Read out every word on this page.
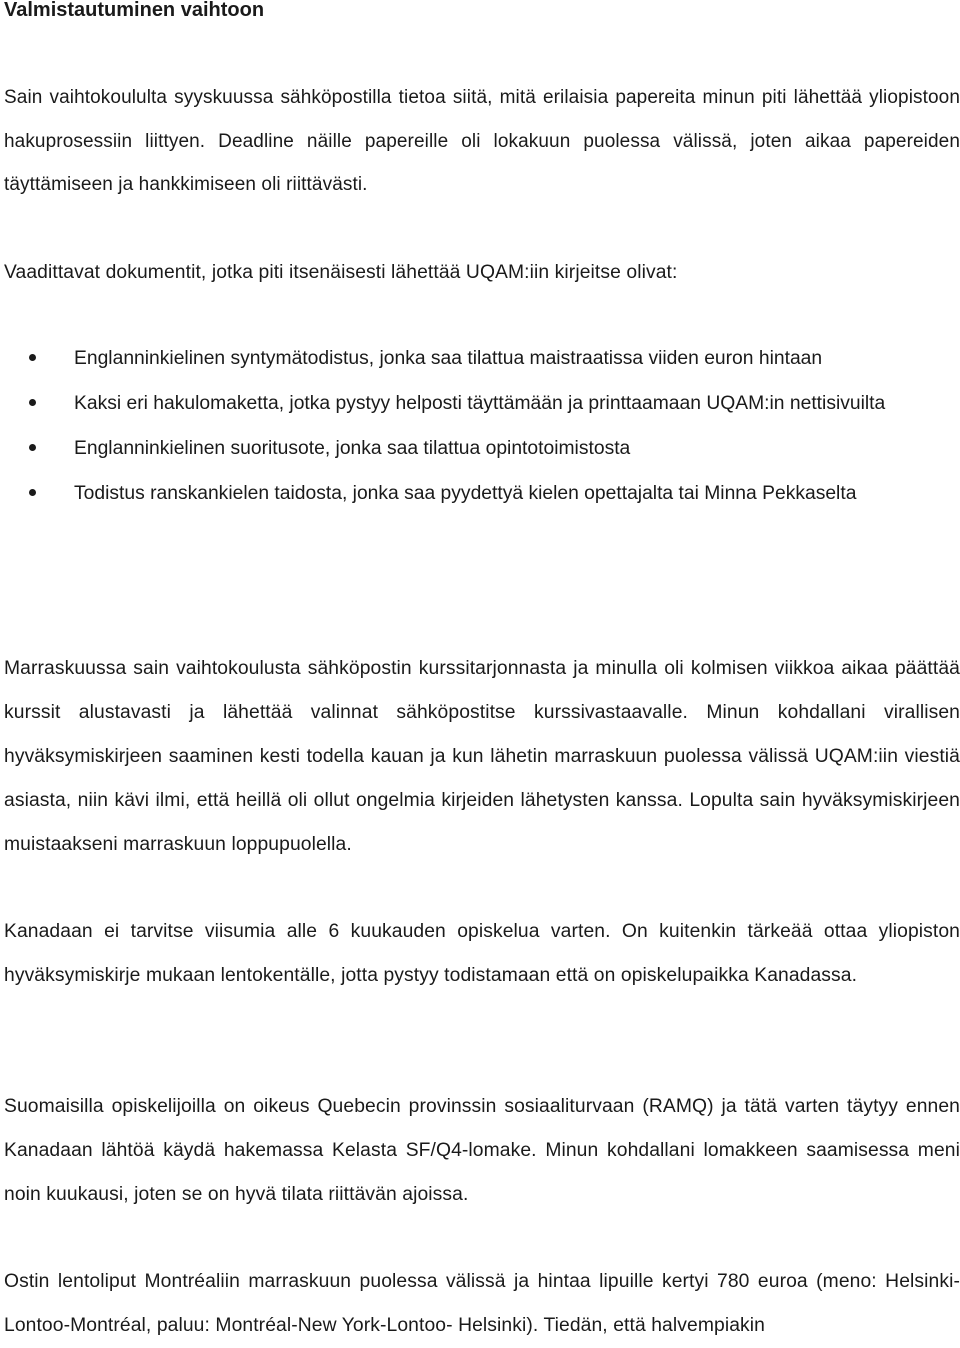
Valmistautuminen vaihtoon

Sain vaihtokoululta syyskuussa sähköpostilla tietoa siitä, mitä erilaisia papereita minun piti lähettää yliopistoon hakuprosessiin liittyen. Deadline näille papereille oli lokakuun puolessa välissä, joten aikaa papereiden täyttämiseen ja hankkimiseen oli riittävästi.

Vaadittavat dokumentit, jotka piti itsenäisesti lähettää UQAM:iin kirjeitse olivat:

Englanninkielinen syntymätodistus, jonka saa tilattua maistraatissa viiden euron hintaan
Kaksi eri hakulomaketta, jotka pystyy helposti täyttämään ja printtaamaan UQAM:in nettisivuilta
Englanninkielinen suoritusote, jonka saa tilattua opintotoimistosta
Todistus ranskankielen taidosta, jonka saa pyydettyä kielen opettajalta tai Minna Pekkaselta

Marraskuussa sain vaihtokoulusta sähköpostin kurssitarjonnasta ja minulla oli kolmisen viikkoa aikaa päättää kurssit alustavasti ja lähettää valinnat sähköpostitse kurssivastaavalle. Minun kohdallani virallisen hyväksymiskirjeen saaminen kesti todella kauan ja kun lähetin marraskuun puolessa välissä UQAM:iin viestiä asiasta, niin kävi ilmi, että heillä oli ollut ongelmia kirjeiden lähetysten kanssa. Lopulta sain hyväksymiskirjeen muistaakseni marraskuun loppupuolella.

Kanadaan ei tarvitse viisumia alle 6 kuukauden opiskelua varten. On kuitenkin tärkeää ottaa yliopiston hyväksymiskirje mukaan lentokentälle, jotta pystyy todistamaan että on opiskelupaikka Kanadassa.

Suomaisilla opiskelijoilla on oikeus Quebecin provinssin sosiaaliturvaan (RAMQ) ja tätä varten täytyy ennen Kanadaan lähtöä käydä hakemassa Kelasta SF/Q4-lomake. Minun kohdallani lomakkeen saamisessa meni noin kuukausi, joten se on hyvä tilata riittävän ajoissa.

Ostin lentoliput Montréaliin marraskuun puolessa välissä ja hintaa lipuille kertyi 780 euroa (meno: Helsinki-Lontoo-Montréal, paluu: Montréal-New York-Lontoo- Helsinki). Tiedän, että halvempiakin
